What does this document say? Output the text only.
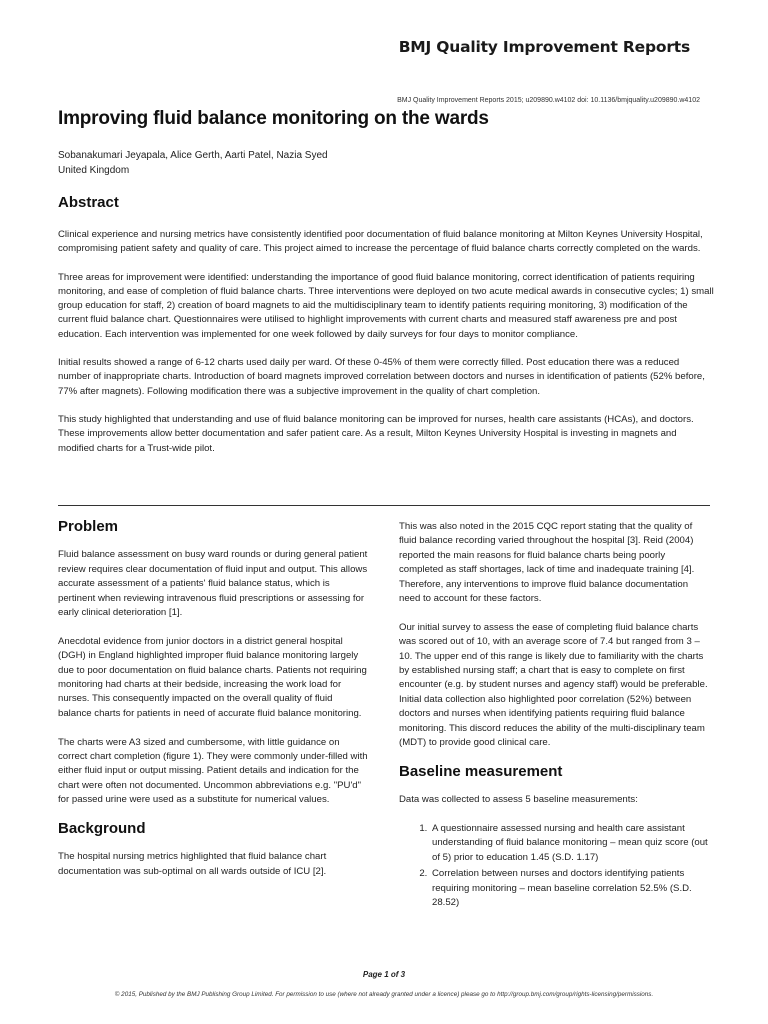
BMJ Quality Improvement Reports
BMJ Quality Improvement Reports 2015; u209890.w4102 doi: 10.1136/bmjquality.u209890.w4102
Improving fluid balance monitoring on the wards
Sobanakumari Jeyapala, Alice Gerth, Aarti Patel, Nazia Syed
United Kingdom
Abstract

Clinical experience and nursing metrics have consistently identified poor documentation of fluid balance monitoring at Milton Keynes University Hospital, compromising patient safety and quality of care. This project aimed to increase the percentage of fluid balance charts correctly completed on the wards.

Three areas for improvement were identified: understanding the importance of good fluid balance monitoring, correct identification of patients requiring monitoring, and ease of completion of fluid balance charts. Three interventions were deployed on two acute medical awards in consecutive cycles; 1) small group education for staff, 2) creation of board magnets to aid the multidisciplinary team to identify patients requiring monitoring, 3) modification of the current fluid balance chart. Questionnaires were utilised to highlight improvements with current charts and measured staff awareness pre and post education. Each intervention was implemented for one week followed by daily surveys for four days to monitor compliance.

Initial results showed a range of 6-12 charts used daily per ward. Of these 0-45% of them were correctly filled. Post education there was a reduced number of inappropriate charts. Introduction of board magnets improved correlation between doctors and nurses in identification of patients (52% before, 77% after magnets). Following modification there was a subjective improvement in the quality of chart completion.

This study highlighted that understanding and use of fluid balance monitoring can be improved for nurses, health care assistants (HCAs), and doctors. These improvements allow better documentation and safer patient care. As a result, Milton Keynes University Hospital is investing in magnets and modified charts for a Trust-wide pilot.

Problem

Fluid balance assessment on busy ward rounds or during general patient review requires clear documentation of fluid input and output. This allows accurate assessment of a patients' fluid balance status, which is pertinent when reviewing intravenous fluid prescriptions or assessing for early clinical deterioration [1].

Anecdotal evidence from junior doctors in a district general hospital (DGH) in England highlighted improper fluid balance monitoring largely due to poor documentation on fluid balance charts. Patients not requiring monitoring had charts at their bedside, increasing the work load for nurses. This consequently impacted on the overall quality of fluid balance charts for patients in need of accurate fluid balance monitoring.

The charts were A3 sized and cumbersome, with little guidance on correct chart completion (figure 1). They were commonly under-filled with either fluid input or output missing. Patient details and indication for the chart were often not documented. Uncommon abbreviations e.g. "PU'd" for passed urine were used as a substitute for numerical values.

Background

The hospital nursing metrics highlighted that fluid balance chart documentation was sub-optimal on all wards outside of ICU [2].

This was also noted in the 2015 CQC report stating that the quality of fluid balance recording varied throughout the hospital [3]. Reid (2004) reported the main reasons for fluid balance charts being poorly completed as staff shortages, lack of time and inadequate training [4]. Therefore, any interventions to improve fluid balance documentation need to account for these factors.

Our initial survey to assess the ease of completing fluid balance charts was scored out of 10, with an average score of 7.4 but ranged from 3 – 10. The upper end of this range is likely due to familiarity with the charts by established nursing staff; a chart that is easy to complete on first encounter (e.g. by student nurses and agency staff) would be preferable. Initial data collection also highlighted poor correlation (52%) between doctors and nurses when identifying patients requiring fluid balance monitoring. This discord reduces the ability of the multi-disciplinary team (MDT) to provide good clinical care.

Baseline measurement

Data was collected to assess 5 baseline measurements:

1. A questionnaire assessed nursing and health care assistant understanding of fluid balance monitoring – mean quiz score (out of 5) prior to education 1.45 (S.D. 1.17)
2. Correlation between nurses and doctors identifying patients requiring monitoring – mean baseline correlation 52.5% (S.D. 28.52)
Page 1 of 3
© 2015, Published by the BMJ Publishing Group Limited. For permission to use (where not already granted under a licence) please go to http://group.bmj.com/group/rights-licensing/permissions.
